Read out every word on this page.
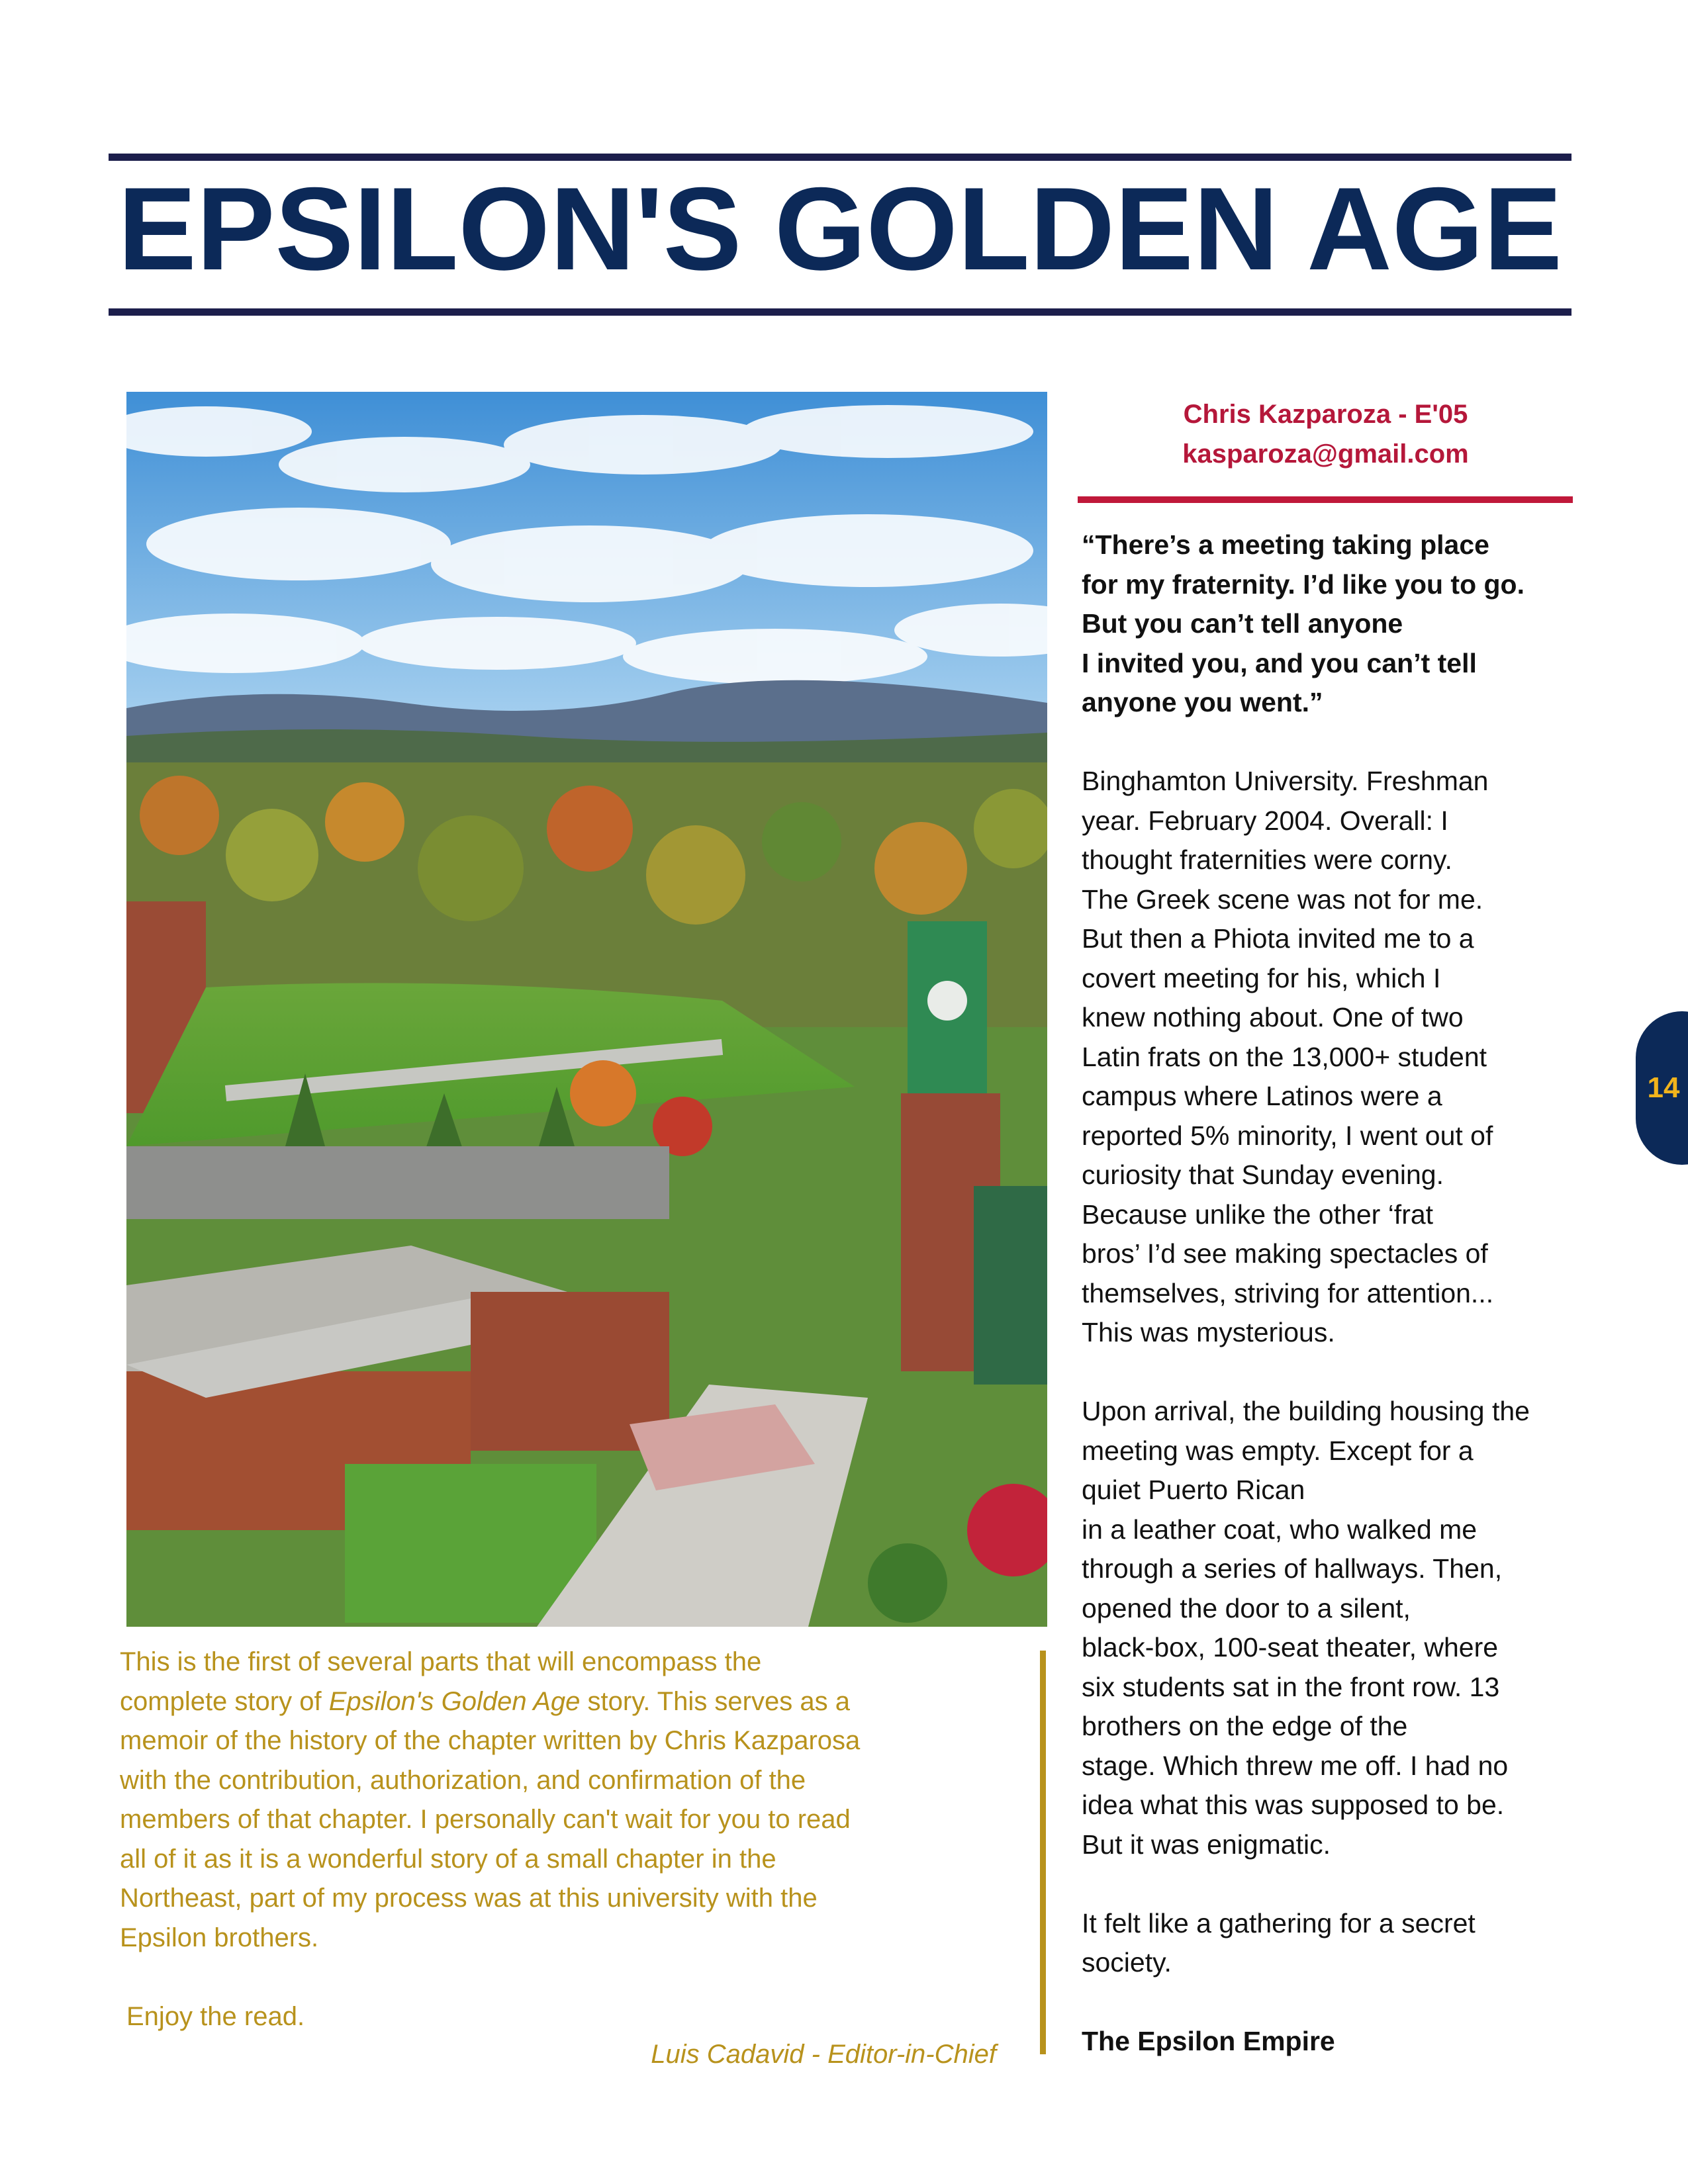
EPSILON'S GOLDEN AGE
Chris Kazparoza - E'05
kasparoza@gmail.com

“There’s a meeting taking place
for my fraternity. I’d like you to go.
But you can’t tell anyone
I invited you, and you can’t tell
anyone you went.”

Binghamton University. Freshman
year. February 2004. Overall: I
thought fraternities were corny.
The Greek scene was not for me.
But then a Phiota invited me to a
covert meeting for his, which I
knew nothing about. One of two
Latin frats on the 13,000+ student
campus where Latinos were a
reported 5% minority, I went out of
curiosity that Sunday evening.
Because unlike the other ‘frat
bros’ I’d see making spectacles of
themselves, striving for attention...
This was mysterious.

Upon arrival, the building housing the
meeting was empty. Except for a
quiet Puerto Rican
in a leather coat, who walked me
through a series of hallways. Then,
opened the door to a silent,
black-box, 100-seat theater, where
six students sat in the front row. 13
brothers on the edge of the
stage. Which threw me off. I had no
idea what this was supposed to be.
But it was enigmatic.

It felt like a gathering for a secret
society.

The Epsilon Empire

This is the first of several parts that will encompass the
complete story of Epsilon's Golden Age story. This serves as a
memoir of the history of the chapter written by Chris Kazparosa
with the contribution, authorization, and confirmation of the
members of that chapter. I personally can't wait for you to read
all of it as it is a wonderful story of a small chapter in the
Northeast, part of my process was at this university with the
Epsilon brothers.

Enjoy the read.
Luis Cadavid - Editor-in-Chief
14
